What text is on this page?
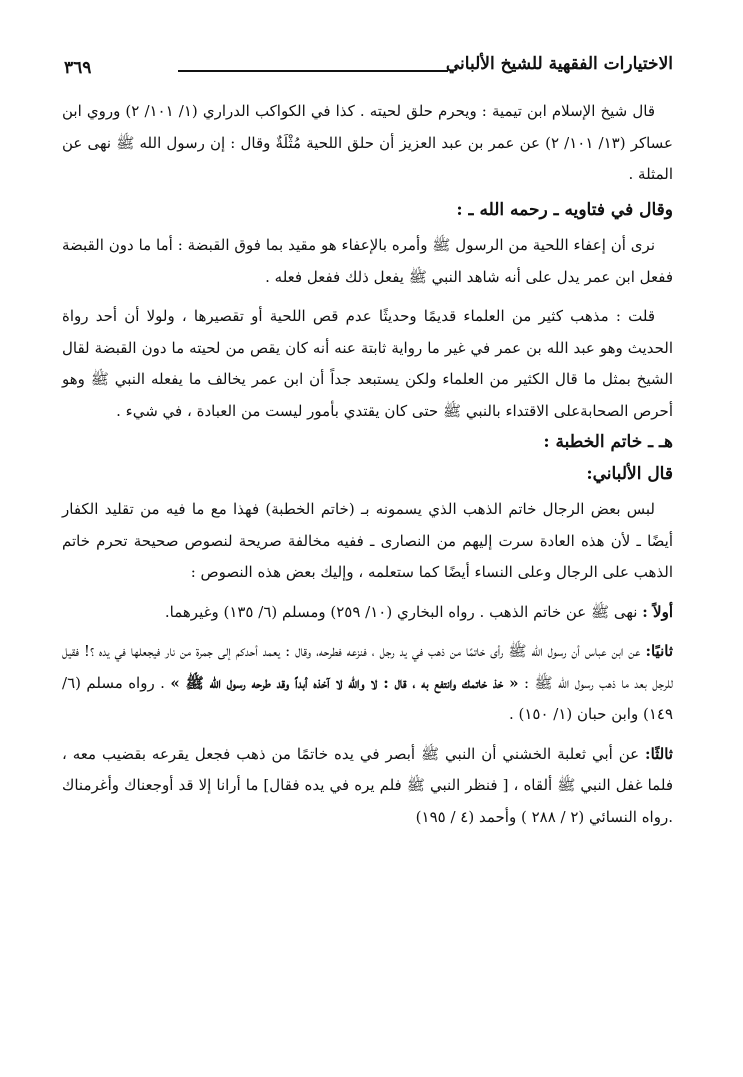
٣٦٩	الاختيارات الفقهية للشيخ الألباني

قال شيخ الإسلام ابن تيمية : ويحرم حلق لحيته . كذا في الكواكب الدراري (١/ ١٠١/ ٢) وروي ابن عساكر (١٣/ ١٠١/ ٢) عن عمر بن عبد العزيز أن حلق اللحية مُثْلَةٌ وقال : إن رسول الله ﷺ نهى عن المثلة .

وقال في فتاويه ـ رحمه الله ـ :

نرى أن إعفاء اللحية من الرسول ﷺ وأمره بالإعفاء هو مقيد بما فوق القبضة : أما ما دون القبضة ففعل ابن عمر يدل على أنه شاهد النبي ﷺ يفعل ذلك ففعل فعله .

قلت : مذهب كثير من العلماء قديمًا وحديثًا عدم قص اللحية أو تقصيرها ، ولولا أن أحد رواة الحديث وهو عبد الله بن عمر في غير ما رواية ثابتة عنه أنه كان يقص من لحيته ما دون القبضة لقال الشيخ بمثل ما قال الكثير من العلماء ولكن يستبعد جداً أن ابن عمر يخالف ما يفعله النبي ﷺ وهو أحرص الصحابةعلى الاقتداء بالنبي ﷺ حتى كان يقتدي بأمور ليست من العبادة ، في شيء .

هـ ـ خاتم الخطبة :

قال الألباني:

لبس بعض الرجال خاتم الذهب الذي يسمونه بـ (خاتم الخطبة) فهذا مع ما فيه من تقليد الكفار أيضًا ـ لأن هذه العادة سرت إليهم من النصارى ـ ففيه مخالفة صريحة لنصوص صحيحة تحرم خاتم الذهب على الرجال وعلى النساء أيضًا كما ستعلمه ، وإليك بعض هذه النصوص :

أولاً : نهى ﷺ عن خاتم الذهب . رواه البخاري (١٠/ ٢٥٩) ومسلم (٦/ ١٣٥) وغيرهما.

ثانيًا: عن ابن عباس أن رسول الله ﷺ رأى خاتمًا من ذهب في يد رجل ، فنزعه فطرحه، وقال : يعمد أحدكم إلى جمرة من نار فيجعلها في يده ؟! فقيل للرجل بعد ما ذهب رسول الله ﷺ : « خذ خاتمك وانتفع به ، قال : لا والله لا آخذه أبداً وقد طرحه رسول الله ﷺ » . رواه مسلم (٦/ ١٤٩) وابن حبان (١/ ١٥٠) .

ثالثًا: عن أبي ثعلبة الخشني أن النبي ﷺ أبصر في يده خاتمًا من ذهب فجعل يقرعه بقضيب معه ، فلما غفل النبي ﷺ ألقاه ، [ فنظر النبي ﷺ فلم يره في يده فقال] ما أرانا إلا قد أوجعناك وأغرمناك .رواه النسائي (٢ / ٢٨٨ ) وأحمد (٤ / ١٩٥)
